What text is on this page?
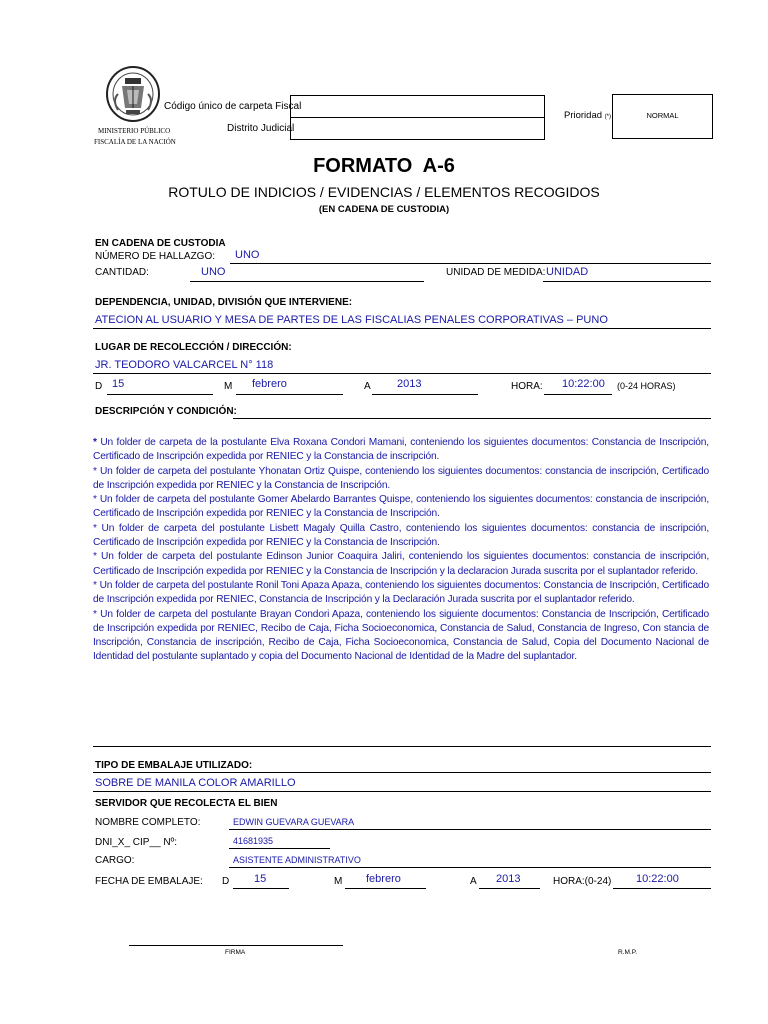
MINISTERIO PÚBLICO
FISCALÍA DE LA NACIÓN
Código único de carpeta Fiscal
Distrito Judicial
Prioridad (*)	NORMAL
FORMATO  A-6
ROTULO DE INDICIOS / EVIDENCIAS / ELEMENTOS RECOGIDOS
(EN CADENA DE CUSTODIA)
EN CADENA DE CUSTODIA
NÚMERO DE HALLAZGO: UNO
CANTIDAD:	UNO	UNIDAD DE MEDIDA: UNIDAD
DEPENDENCIA, UNIDAD, DIVISIÓN QUE INTERVIENE:
ATECION AL USUARIO Y MESA DE PARTES DE LAS FISCALIAS PENALES CORPORATIVAS – PUNO
LUGAR DE RECOLECCIÓN / DIRECCIÓN:
JR. TEODORO VALCARCEL N° 118
D 15	M febrero	A 2013	HORA: 10:22:00 (0-24 HORAS)
DESCRIPCIÓN Y CONDICIÓN:

* Un folder de carpeta de la postulante Elva Roxana Condori Mamani, conteniendo los siguientes documentos: Constancia de Inscripción, Certificado de Inscripción expedida por RENIEC y la Constancia de inscripción.

* Un folder de carpeta del postulante Yhonatan Ortiz Quispe, conteniendo los siguientes documentos: constancia de inscripción, Certificado de Inscripción expedida por RENIEC y la Constancia de Inscripción.

* Un folder de carpeta del postulante Gomer Abelardo Barrantes Quispe, conteniendo los siguientes documentos: constancia de inscripción, Certificado de Inscripción expedida por RENIEC y la Constancia de Inscripción.

* Un folder de carpeta del postulante Lisbett Magaly Quilla Castro, conteniendo los siguientes documentos: constancia de inscripción, Certificado de Inscripción expedida por RENIEC y la Constancia de Inscripción.

* Un folder de carpeta del postulante Edinson Junior Coaquira Jaliri, conteniendo los siguientes documentos: constancia de inscripción, Certificado de Inscripción expedida por RENIEC y la Constancia de Inscripción y la declaracion Jurada suscrita por el suplantador referido.

* Un folder de carpeta del postulante Ronil Toni Apaza Apaza, conteniendo los siguientes documentos: Constancia de Inscripción, Certificado de Inscripción expedida por RENIEC, Constancia de Inscripción y la Declaración Jurada suscrita por el suplantador referido.

* Un folder de carpeta del postulante Brayan Condori Apaza, conteniendo los siguiente documentos: Constancia de Inscripción, Certificado de Inscripción expedida por RENIEC, Recibo de Caja, Ficha Socioeconomica, Constancia de Salud, Constancia de Ingreso, Con stancia de Inscripción, Constancia de inscripción, Recibo de Caja, Ficha Socioeconomica, Constancia de Salud, Copia del Documento Nacional de Identidad del postulante suplantado y copia del Documento Nacional de Identidad de la Madre del suplantador.

TIPO DE EMBALAJE UTILIZADO:
SOBRE DE MANILA COLOR AMARILLO
SERVIDOR QUE RECOLECTA EL BIEN
NOMBRE COMPLETO:	EDWIN GUEVARA GUEVARA
DNI_X_ CIP__ Nº:	41681935
CARGO:	ASISTENTE ADMINISTRATIVO
FECHA DE EMBALAJE: D 15	M febrero	A 2013	HORA:(0-24) 10:22:00
FIRMA	R.M.P.
